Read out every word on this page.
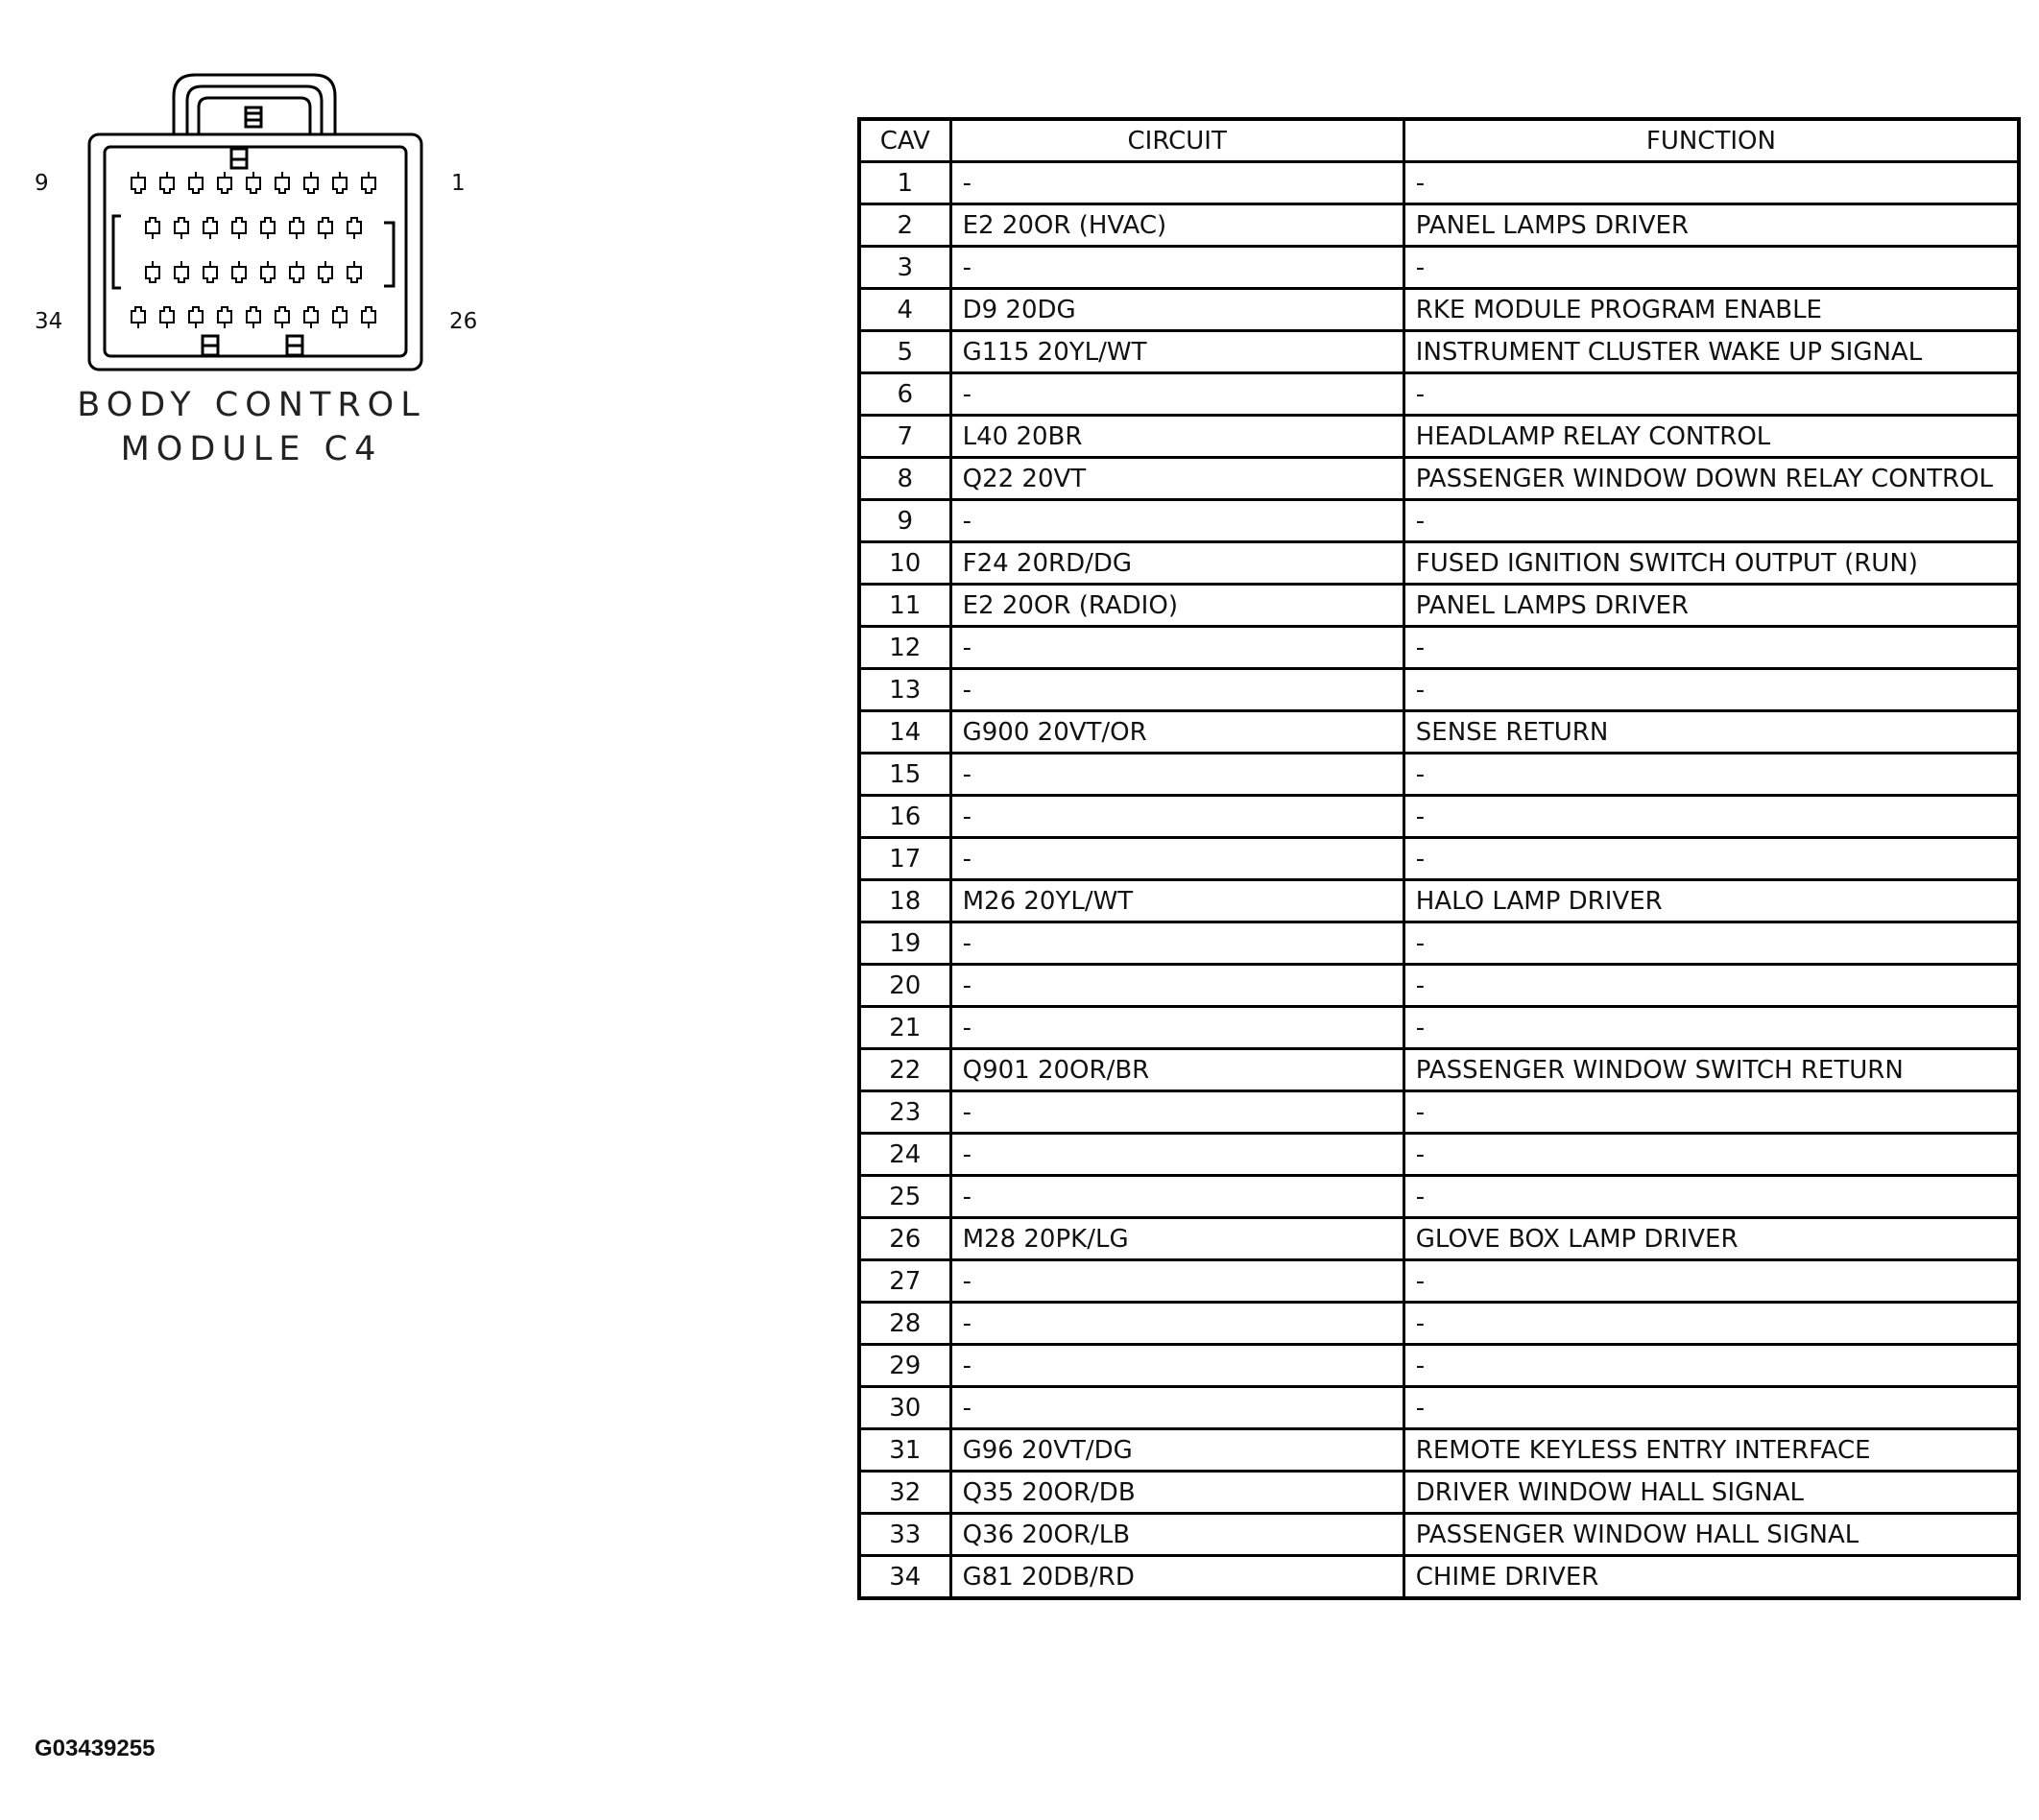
9	1
34	26
BODY CONTROL
MODULE C4
CAV	CIRCUIT	FUNCTION
1	-	-
2	E2 20OR (HVAC)	PANEL LAMPS DRIVER
3	-	-
4	D9 20DG	RKE MODULE PROGRAM ENABLE
5	G115 20YL/WT	INSTRUMENT CLUSTER WAKE UP SIGNAL
6	-	-
7	L40 20BR	HEADLAMP RELAY CONTROL
8	Q22 20VT	PASSENGER WINDOW DOWN RELAY CONTROL
9	-	-
10	F24 20RD/DG	FUSED IGNITION SWITCH OUTPUT (RUN)
11	E2 20OR (RADIO)	PANEL LAMPS DRIVER
12	-	-
13	-	-
14	G900 20VT/OR	SENSE RETURN
15	-	-
16	-	-
17	-	-
18	M26 20YL/WT	HALO LAMP DRIVER
19	-	-
20	-	-
21	-	-
22	Q901 20OR/BR	PASSENGER WINDOW SWITCH RETURN
23	-	-
24	-	-
25	-	-
26	M28 20PK/LG	GLOVE BOX LAMP DRIVER
27	-	-
28	-	-
29	-	-
30	-	-
31	G96 20VT/DG	REMOTE KEYLESS ENTRY INTERFACE
32	Q35 20OR/DB	DRIVER WINDOW HALL SIGNAL
33	Q36 20OR/LB	PASSENGER WINDOW HALL SIGNAL
34	G81 20DB/RD	CHIME DRIVER
G03439255
